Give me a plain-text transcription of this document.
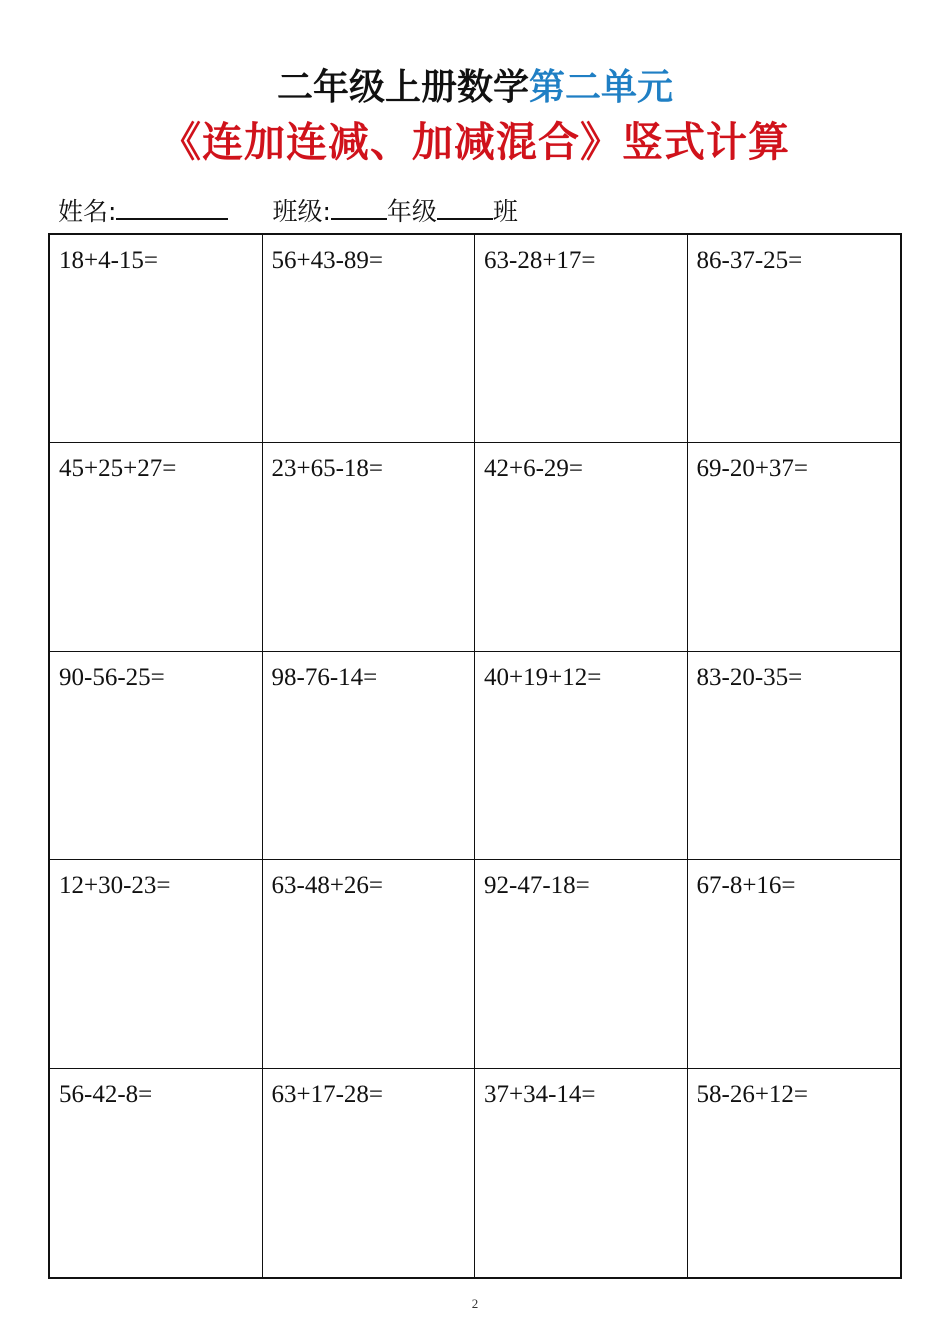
二年级上册数学第二单元
《连加连减、加减混合》竖式计算
姓名:	班级: 年级 班
18+4-15=	56+43-89=	63-28+17=	86-37-25=
45+25+27=	23+65-18=	42+6-29=	69-20+37=
90-56-25=	98-76-14=	40+19+12=	83-20-35=
12+30-23=	63-48+26=	92-47-18=	67-8+16=
56-42-8=	63+17-28=	37+34-14=	58-26+12=
2
